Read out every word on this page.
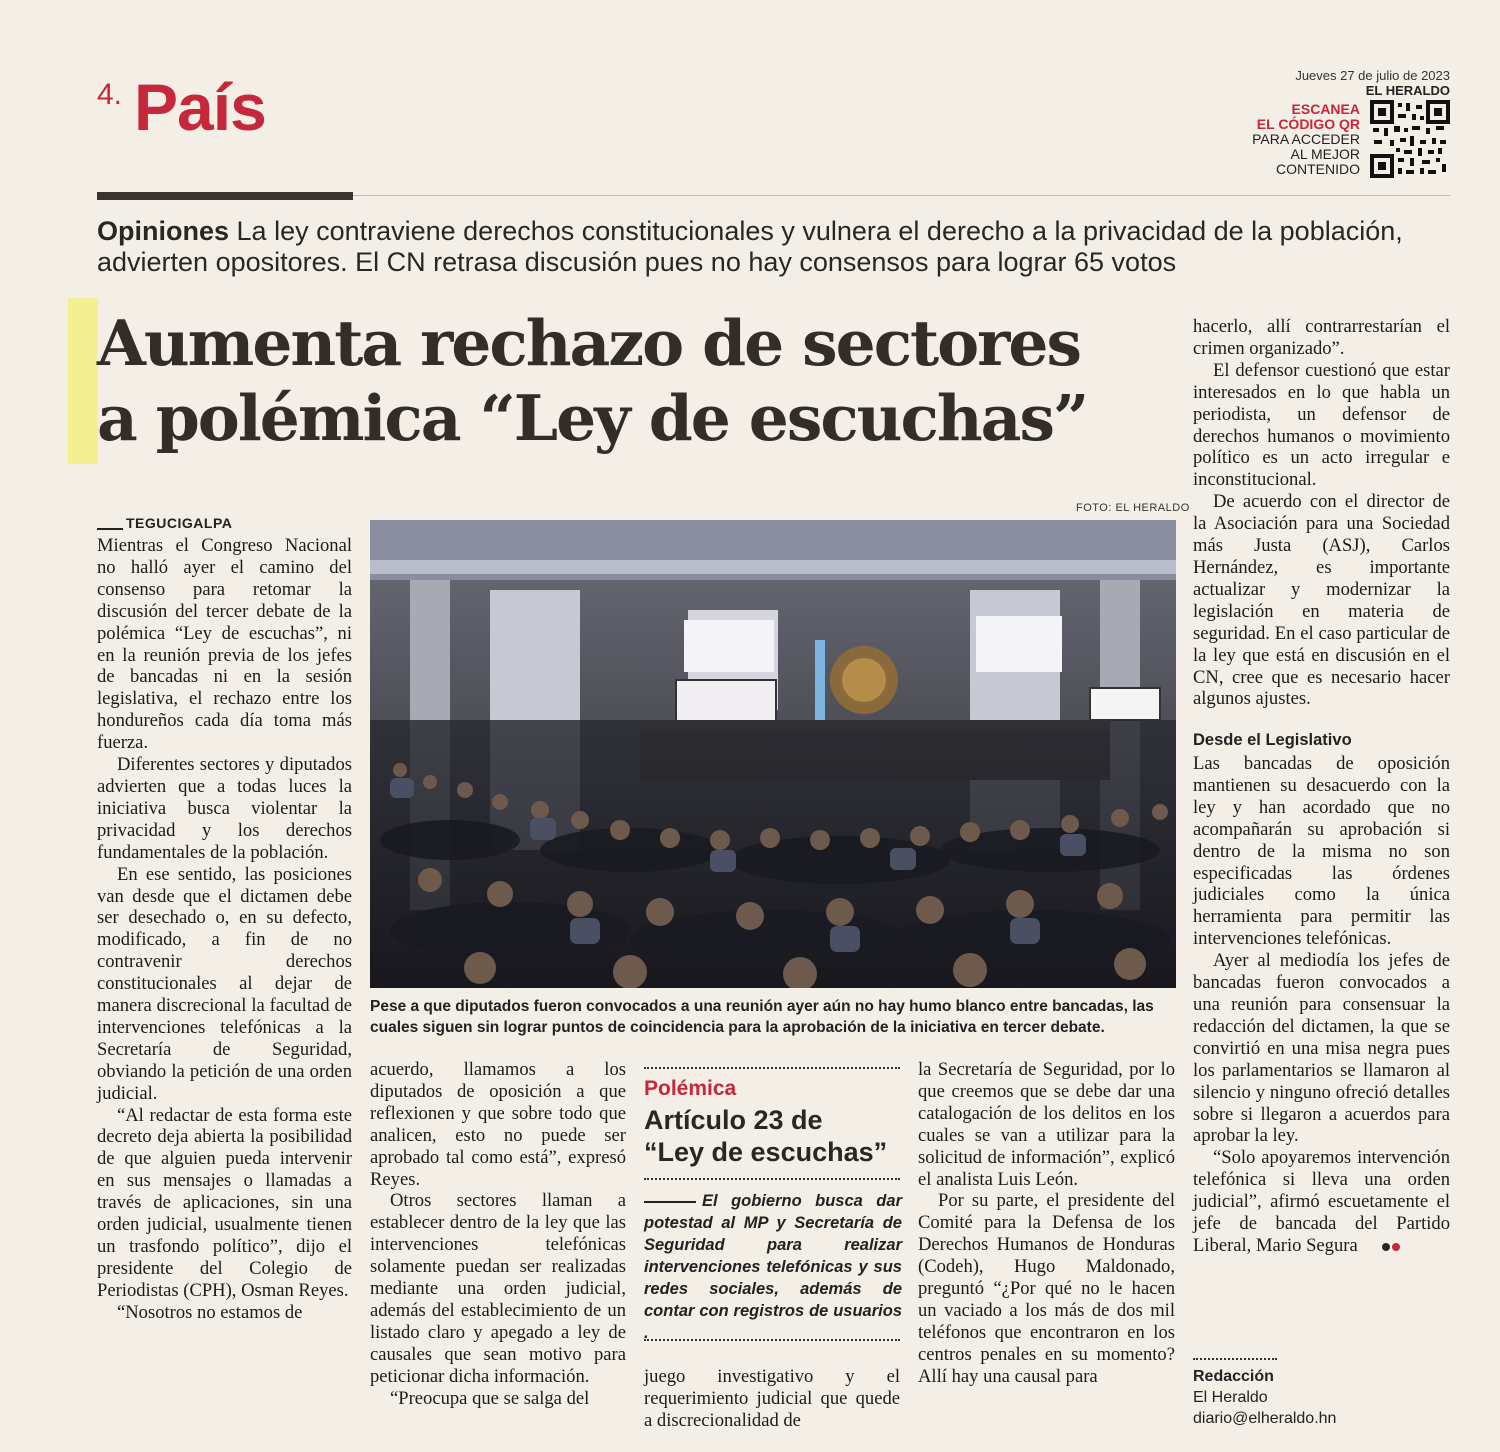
4. País	Jueves 27 de julio de 2023
EL HERALDO
ESCANEA
EL CÓDIGO QR
PARA ACCEDER
AL MEJOR
CONTENIDO
Opiniones La ley contraviene derechos constitucionales y vulnera el derecho a la privacidad de la población, advierten opositores. El CN retrasa discusión pues no hay consensos para lograr 65 votos
Aumenta rechazo de sectores
a polémica “Ley de escuchas”
FOTO: EL HERALDO
Pese a que diputados fueron convocados a una reunión ayer aún no hay humo blanco entre bancadas, las cuales siguen sin lograr puntos de coincidencia para la aprobación de la iniciativa en tercer debate.
TEGUCIGALPA

Mientras el Congreso Nacional no halló ayer el camino del consenso para retomar la discusión del tercer debate de la polémica “Ley de escuchas”, ni en la reunión previa de los jefes de bancadas ni en la sesión legislativa, el rechazo entre los hondureños cada día toma más fuerza.

Diferentes sectores y diputados advierten que a todas luces la iniciativa busca violentar la privacidad y los derechos fundamentales de la población.

En ese sentido, las posiciones van desde que el dictamen debe ser desechado o, en su defecto, modificado, a fin de no contravenir derechos constitucionales al dejar de manera discrecional la facultad de intervenciones telefónicas a la Secretaría de Seguridad, obviando la petición de una orden judicial.

“Al redactar de esta forma este decreto deja abierta la posibilidad de que alguien pueda intervenir en sus mensajes o llamadas a través de aplicaciones, sin una orden judicial, usualmente tienen un trasfondo político”, dijo el presidente del Colegio de Periodistas (CPH), Osman Reyes.

“Nosotros no estamos de

acuerdo, llamamos a los diputados de oposición a que reflexionen y que sobre todo que analicen, esto no puede ser aprobado tal como está”, expresó Reyes.

Otros sectores llaman a establecer dentro de la ley que las intervenciones telefónicas solamente puedan ser realizadas mediante una orden judicial, además del establecimiento de un listado claro y apegado a ley de causales que sean motivo para peticionar dicha información.

“Preocupa que se salga del

Polémica
Artículo 23 de
“Ley de escuchas”
El gobierno busca dar potestad al MP y Secretaría de Seguridad para realizar intervenciones telefónicas y sus redes sociales, además de contar con registros de usuarios .

juego investigativo y el requerimiento judicial que quede a discrecionalidad de

la Secretaría de Seguridad, por lo que creemos que se debe dar una catalogación de los delitos en los cuales se van a utilizar para la solicitud de información”, explicó el analista Luis León.

Por su parte, el presidente del Comité para la Defensa de los Derechos Humanos de Honduras (Codeh), Hugo Maldonado, preguntó “¿Por qué no le hacen un vaciado a los más de dos mil teléfonos que encontraron en los centros penales en su momento? Allí hay una causal para

hacerlo, allí contrarrestarían el crimen organizado”.

El defensor cuestionó que estar interesados en lo que habla un periodista, un defensor de derechos humanos o movimiento político es un acto irregular e inconstitucional.

De acuerdo con el director de la Asociación para una Sociedad más Justa (ASJ), Carlos Hernández, es importante actualizar y modernizar la legislación en materia de seguridad. En el caso particular de la ley que está en discusión en el CN, cree que es necesario hacer algunos ajustes.

Desde el Legislativo

Las bancadas de oposición mantienen su desacuerdo con la ley y han acordado que no acompañarán su aprobación si dentro de la misma no son especificadas las órdenes judiciales como la única herramienta para permitir las intervenciones telefónicas.

Ayer al mediodía los jefes de bancadas fueron convocados a una reunión para consensuar la redacción del dictamen, la que se convirtió en una misa negra pues los parlamentarios se llamaron al silencio y ninguno ofreció detalles sobre si llegaron a acuerdos para aprobar la ley.

“Solo apoyaremos intervención telefónica si lleva una orden judicial”, afirmó escuetamente el jefe de bancada del Partido Liberal, Mario Segura

Redacción
El Heraldo
diario@elheraldo.hn
